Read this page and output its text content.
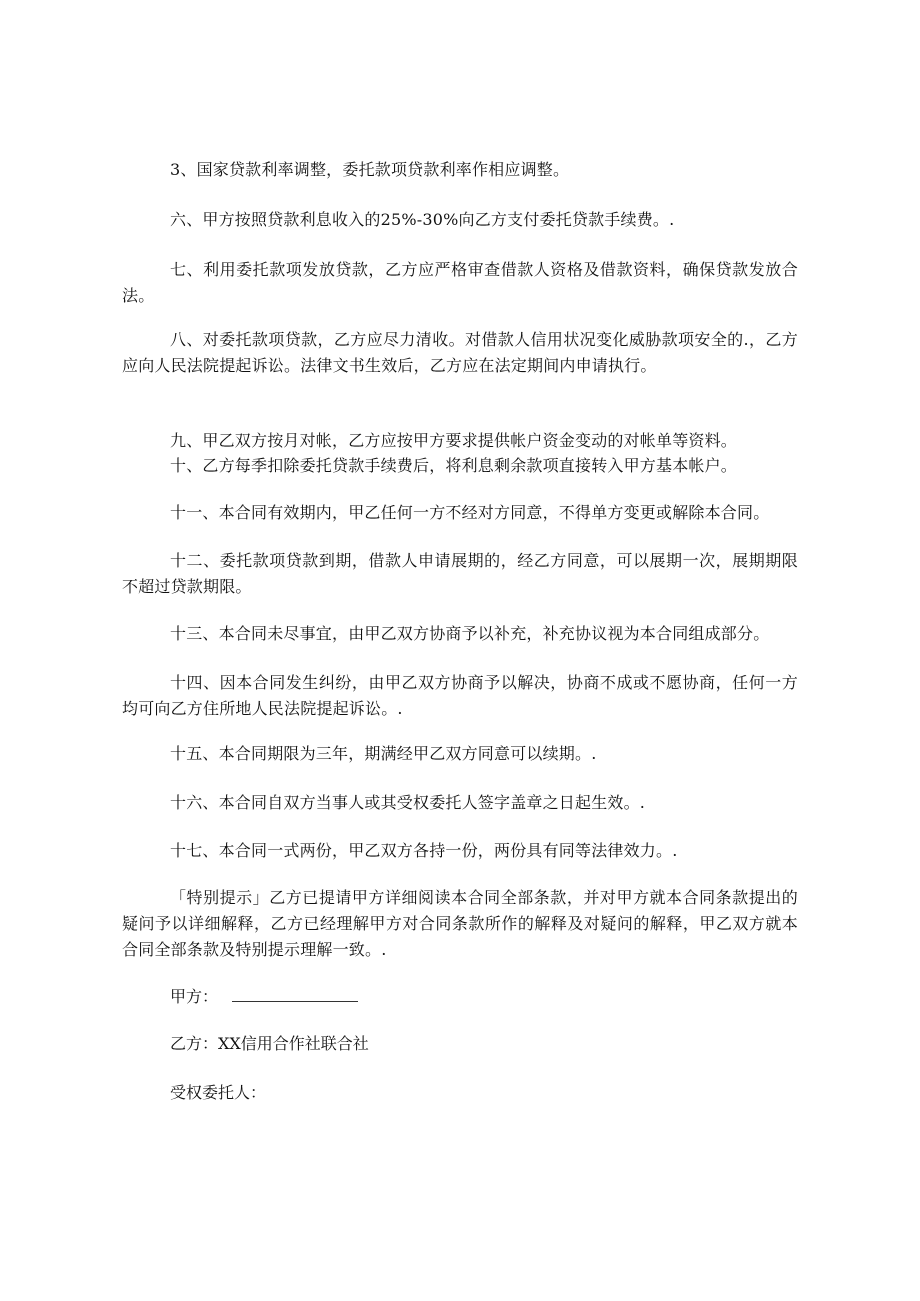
3、国家贷款利率调整，委托款项贷款利率作相应调整。

六、甲方按照贷款利息收入的25%-30%向乙方支付委托贷款手续费。.

七、利用委托款项发放贷款，乙方应严格审查借款人资格及借款资料，确保贷款发放合法。

八、对委托款项贷款，乙方应尽力清收。对借款人信用状况变化威胁款项安全的.，乙方应向人民法院提起诉讼。法律文书生效后，乙方应在法定期间内申请执行。

九、甲乙双方按月对帐，乙方应按甲方要求提供帐户资金变动的对帐单等资料。

十、乙方每季扣除委托贷款手续费后，将利息剩余款项直接转入甲方基本帐户。

十一、本合同有效期内，甲乙任何一方不经对方同意，不得单方变更或解除本合同。

十二、委托款项贷款到期，借款人申请展期的，经乙方同意，可以展期一次，展期期限不超过贷款期限。

十三、本合同未尽事宜，由甲乙双方协商予以补充，补充协议视为本合同组成部分。

十四、因本合同发生纠纷，由甲乙双方协商予以解决，协商不成或不愿协商，任何一方均可向乙方住所地人民法院提起诉讼。.

十五、本合同期限为三年，期满经甲乙双方同意可以续期。.

十六、本合同自双方当事人或其受权委托人签字盖章之日起生效。.

十七、本合同一式两份，甲乙双方各持一份，两份具有同等法律效力。.

「特别提示」乙方已提请甲方详细阅读本合同全部条款，并对甲方就本合同条款提出的疑问予以详细解释，乙方已经理解甲方对合同条款所作的解释及对疑问的解释，甲乙双方就本合同全部条款及特别提示理解一致。.

甲方：
乙方：XX信用合作社联合社
受权委托人：
